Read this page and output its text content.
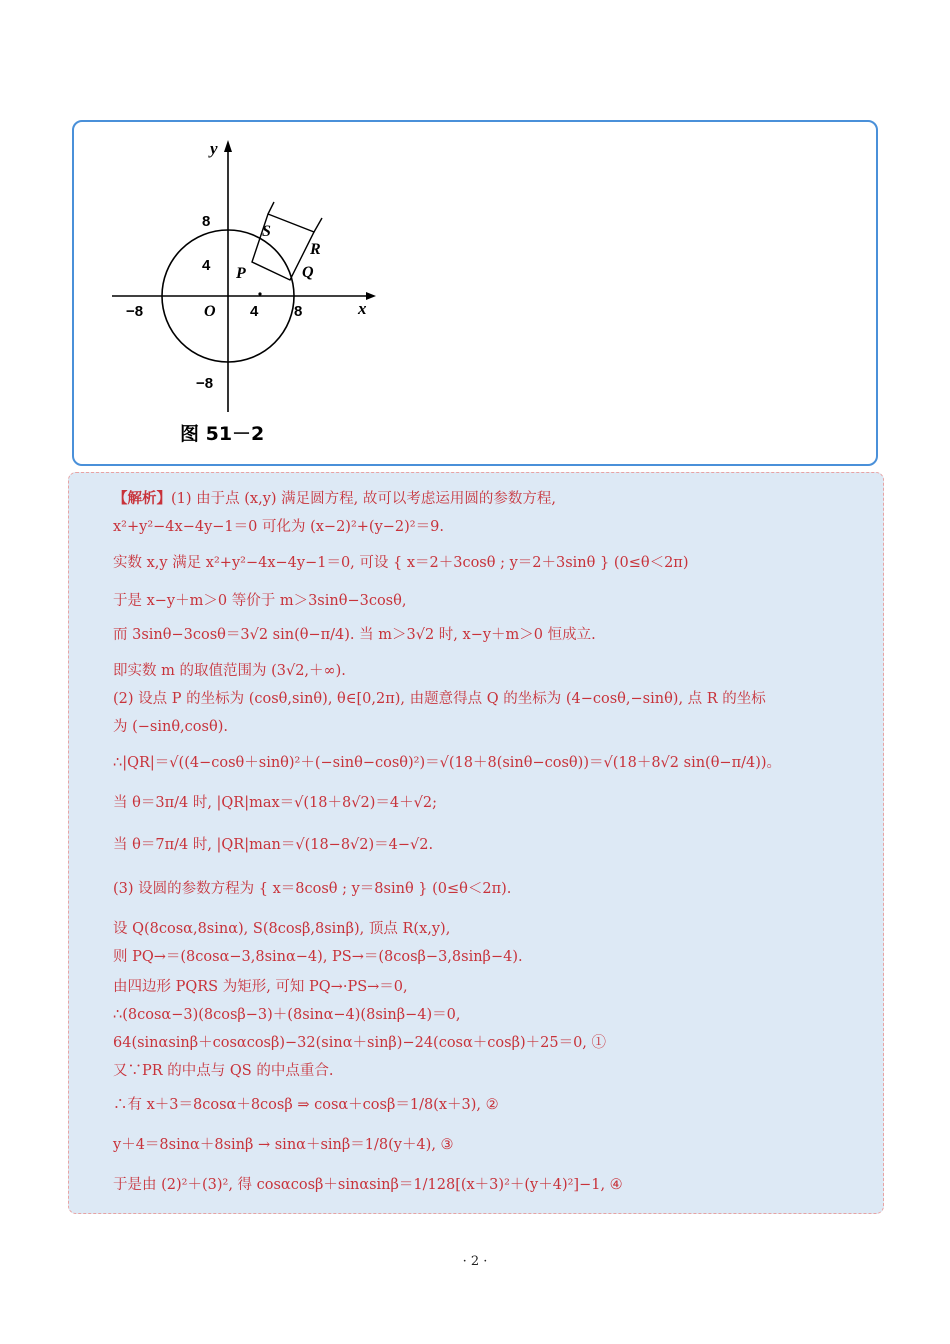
y
x
O
−8	4 8
8
4
−8
P	Q
R
S
图 51－2
【解析】(1) 由于点 (x,y) 满足圆方程, 故可以考虑运用圆的参数方程,
x²+y²−4x−4y−1＝0 可化为 (x−2)²+(y−2)²＝9.
实数 x,y 满足 x²+y²−4x−4y−1＝0, 可设 { x＝2＋3cosθ ; y＝2＋3sinθ } (0≤θ＜2π)
于是 x−y＋m＞0 等价于 m＞3sinθ−3cosθ,
而 3sinθ−3cosθ＝3√2 sin(θ−π/4). 当 m＞3√2 时, x−y＋m＞0 恒成立.
即实数 m 的取值范围为 (3√2,＋∞).
(2) 设点 P 的坐标为 (cosθ,sinθ), θ∈[0,2π), 由题意得点 Q 的坐标为 (4−cosθ,−sinθ), 点 R 的坐标
为 (−sinθ,cosθ).
∴|QR|＝√((4−cosθ＋sinθ)²＋(−sinθ−cosθ)²)＝√(18＋8(sinθ−cosθ))＝√(18＋8√2 sin(θ−π/4))。
当 θ＝3π/4 时, |QR|max＝√(18＋8√2)＝4＋√2;
当 θ＝7π/4 时, |QR|man＝√(18−8√2)＝4−√2.
(3) 设圆的参数方程为 { x＝8cosθ ; y＝8sinθ } (0≤θ＜2π).
设 Q(8cosα,8sinα), S(8cosβ,8sinβ), 顶点 R(x,y),
则 PQ→＝(8cosα−3,8sinα−4), PS→＝(8cosβ−3,8sinβ−4).
由四边形 PQRS 为矩形, 可知 PQ→·PS→＝0,
∴(8cosα−3)(8cosβ−3)＋(8sinα−4)(8sinβ−4)＝0,
64(sinαsinβ＋cosαcosβ)−32(sinα＋sinβ)−24(cosα＋cosβ)＋25＝0, ①
又∵PR 的中点与 QS 的中点重合.
∴有 x＋3＝8cosα＋8cosβ ⇒ cosα＋cosβ＝1/8(x＋3), ②
y＋4＝8sinα＋8sinβ → sinα＋sinβ＝1/8(y＋4), ③
于是由 (2)²＋(3)², 得 cosαcosβ＋sinαsinβ＝1/128[(x＋3)²＋(y＋4)²]−1, ④
· 2 ·
